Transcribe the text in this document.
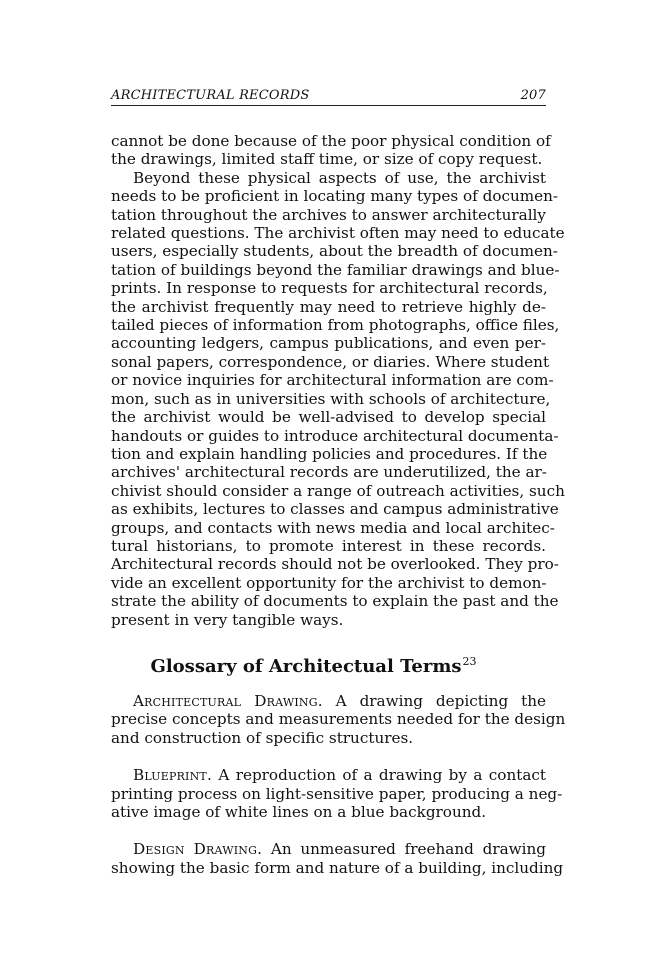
ARCHITECTURAL RECORDS	207
cannot be done because of the poor physical condition of
the drawings, limited staff time, or size of copy request.
Beyond these physical aspects of use, the archivist
needs to be proficient in locating many types of documen-
tation throughout the archives to answer architecturally
related questions. The archivist often may need to educate
users, especially students, about the breadth of documen-
tation of buildings beyond the familiar drawings and blue-
prints. In response to requests for architectural records,
the archivist frequently may need to retrieve highly de-
tailed pieces of information from photographs, office files,
accounting ledgers, campus publications, and even per-
sonal papers, correspondence, or diaries. Where student
or novice inquiries for architectural information are com-
mon, such as in universities with schools of architecture,
the archivist would be well-advised to develop special
handouts or guides to introduce architectural documenta-
tion and explain handling policies and procedures. If the
archives' architectural records are underutilized, the ar-
chivist should consider a range of outreach activities, such
as exhibits, lectures to classes and campus administrative
groups, and contacts with news media and local architec-
tural historians, to promote interest in these records.
Architectural records should not be overlooked. They pro-
vide an excellent opportunity for the archivist to demon-
strate the ability of documents to explain the past and the
present in very tangible ways.
Glossary of Architectual Terms$^{23}$
Architectural Drawing. A drawing depicting the
precise concepts and measurements needed for the design
and construction of specific structures.
Blueprint. A reproduction of a drawing by a contact
printing process on light-sensitive paper, producing a neg-
ative image of white lines on a blue background.
Design Drawing. An unmeasured freehand drawing
showing the basic form and nature of a building, including
